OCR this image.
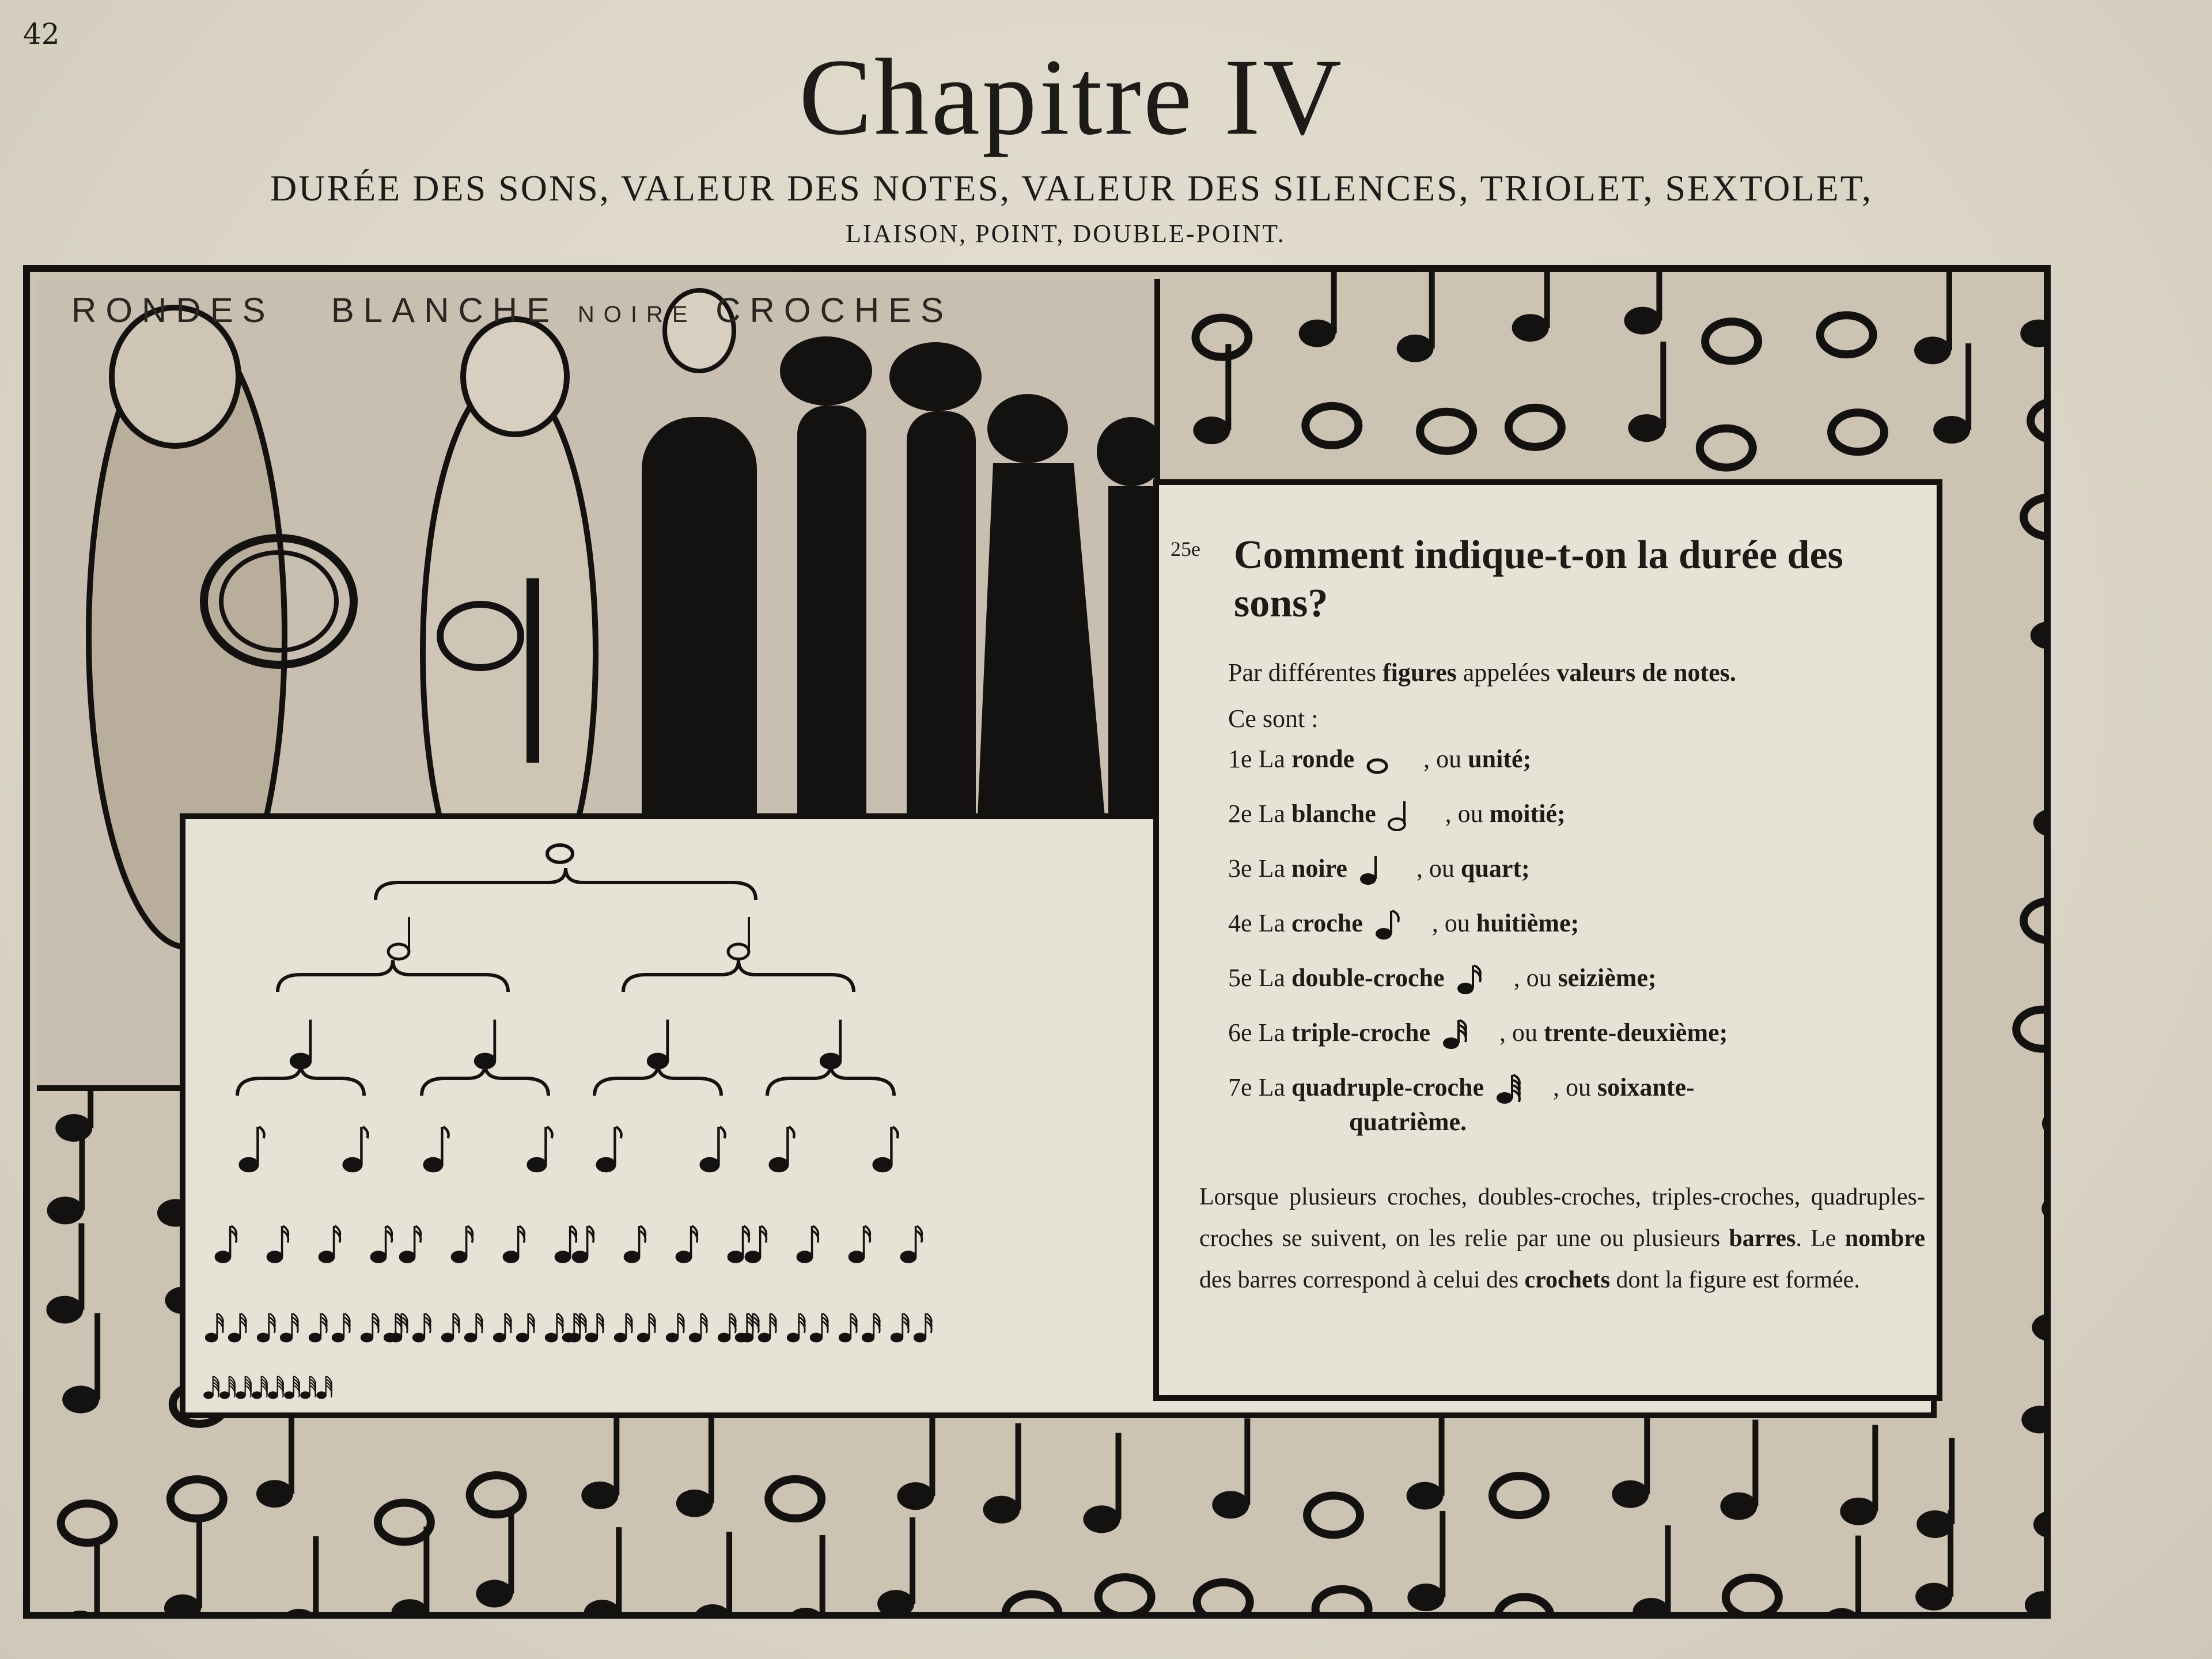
42
Chapitre IV
DURÉE DES SONS, VALEUR DES NOTES, VALEUR DES SILENCES, TRIOLET, SEXTOLET,
LIAISON, POINT, DOUBLE-POINT.
RONDES BLANCHE NOIRE CROCHES
25e Comment indique-t-on la durée des sons?
Par différentes figures appelées valeurs de notes.
Ce sont :
1e La ronde	, ou unité;
2e La blanche	, ou moitié;
3e La noire	, ou quart;
4e La croche	, ou huitième;
5e La double-croche	, ou seizième;
6e La triple-croche	, ou trente-deuxième;
7e La quadruple-croche	, ou soixante-
quatrième.
Lorsque plusieurs croches, doubles-croches, triples-croches, quadruples-croches se suivent, on les relie par une ou plusieurs barres. Le nombre des barres correspond à celui des crochets dont la figure est formée.
